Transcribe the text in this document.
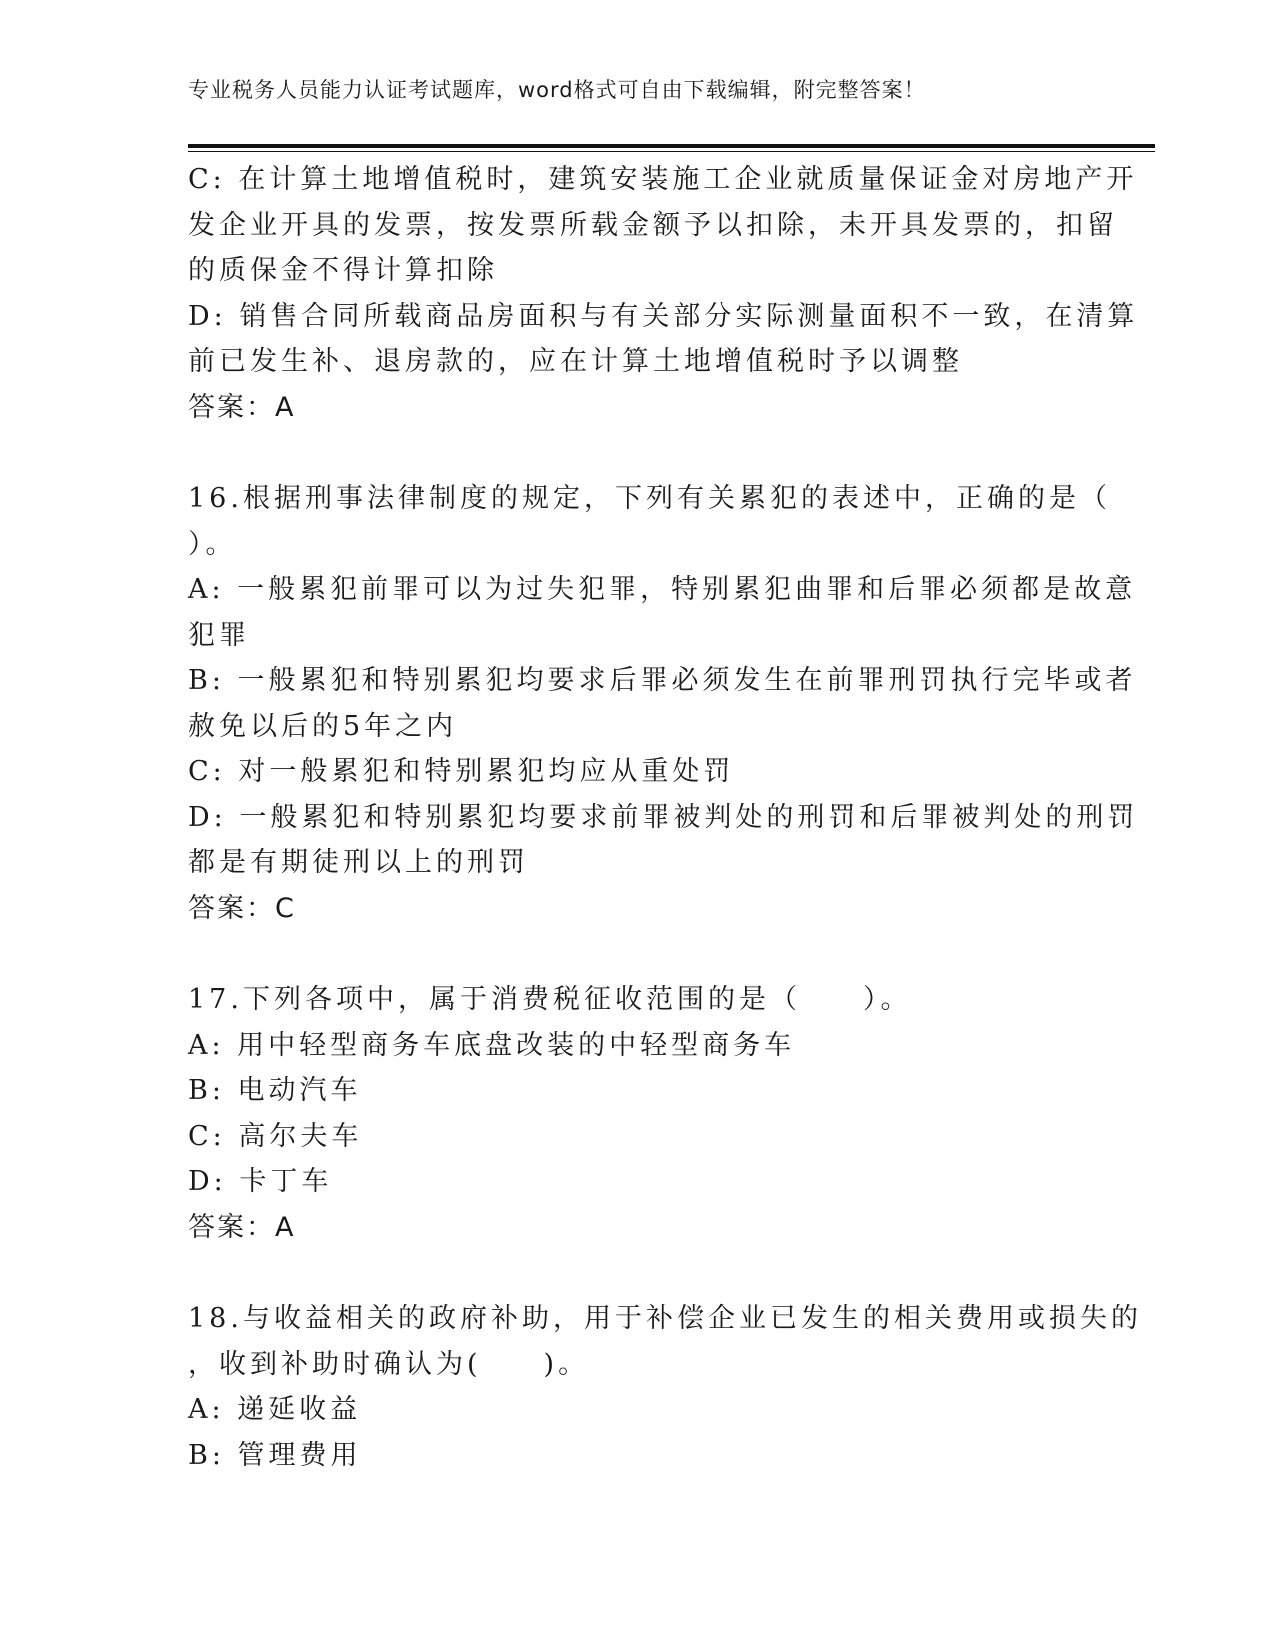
专业税务人员能力认证考试题库，word格式可自由下载编辑，附完整答案！
C: 在计算土地增值税时，建筑安装施工企业就质量保证金对房地产开
发企业开具的发票，按发票所载金额予以扣除，未开具发票的，扣留
的质保金不得计算扣除
D: 销售合同所载商品房面积与有关部分实际测量面积不一致，在清算
前已发生补、退房款的，应在计算土地增值税时予以调整
答案：A
16.根据刑事法律制度的规定，下列有关累犯的表述中，正确的是（
）。
A: 一般累犯前罪可以为过失犯罪，特别累犯曲罪和后罪必须都是故意
犯罪
B: 一般累犯和特别累犯均要求后罪必须发生在前罪刑罚执行完毕或者
赦免以后的5年之内
C: 对一般累犯和特别累犯均应从重处罚
D: 一般累犯和特别累犯均要求前罪被判处的刑罚和后罪被判处的刑罚
都是有期徒刑以上的刑罚
答案：C
17.下列各项中，属于消费税征收范围的是（　　）。
A: 用中轻型商务车底盘改装的中轻型商务车
B: 电动汽车
C: 高尔夫车
D: 卡丁车
答案：A
18.与收益相关的政府补助，用于补偿企业已发生的相关费用或损失的
，收到补助时确认为(　　)。
A: 递延收益
B: 管理费用
